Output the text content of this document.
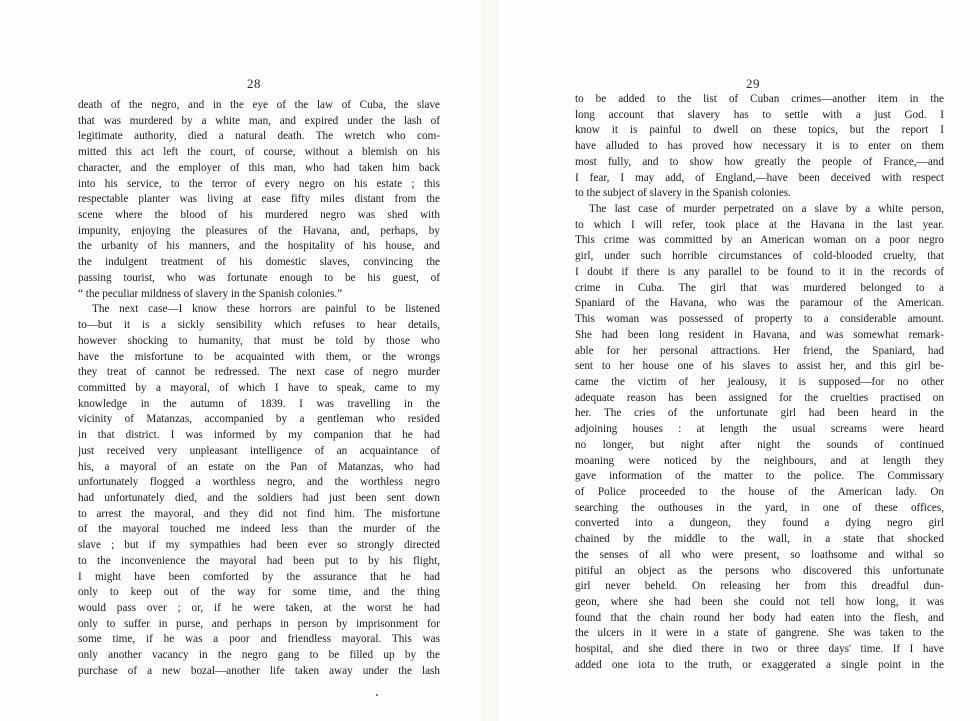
28
death of the negro, and in the eye of the law of Cuba, the slave
that was murdered by a white man, and expired under the lash of
legitimate authority, died a natural death. The wretch who com-
mitted this act left the court, of course, without a blemish on his
character, and the employer of this man, who had taken him back
into his service, to the terror of every negro on his estate ; this
respectable planter was living at ease fifty miles distant from the
scene where the blood of his murdered negro was shed with
impunity, enjoying the pleasures of the Havana, and, perhaps, by
the urbanity of his manners, and the hospitality of his house, and
the indulgent treatment of his domestic slaves, convincing the
passing tourist, who was fortunate enough to be his guest, of
“ the peculiar mildness of slavery in the Spanish colonies.”
The next case—I know these horrors are painful to be listened
to—but it is a sickly sensibility which refuses to hear details,
however shocking to humanity, that must be told by those who
have the misfortune to be acquainted with them, or the wrongs
they treat of cannot be redressed. The next case of negro murder
committed by a mayoral, of which I have to speak, came to my
knowledge in the autumn of 1839. I was travelling in the
vicinity of Matanzas, accompanied by a gentleman who resided
in that district. I was informed by my companion that he had
just received very unpleasant intelligence of an acquaintance of
his, a mayoral of an estate on the Pan of Matanzas, who had
unfortunately flogged a worthless negro, and the worthless negro
had unfortunately died, and the soldiers had just been sent down
to arrest the mayoral, and they did not find him. The misfortune
of the mayoral touched me indeed less than the murder of the
slave ; but if my sympathies had been ever so strongly directed
to the inconvenience the mayoral had been put to by his flight,
I might have been comforted by the assurance that he had
only to keep out of the way for some time, and the thing
would pass over ; or, if he were taken, at the worst he had
only to suffer in purse, and perhaps in person by imprisonment for
some time, if he was a poor and friendless mayoral. This was
only another vacancy in the negro gang to be filled up by the
purchase of a new bozal—another life taken away under the lash
29
to be added to the list of Cuban crimes—another item in the
long account that slavery has to settle with a just God. I
know it is painful to dwell on these topics, but the report I
have alluded to has proved how necessary it is to enter on them
most fully, and to show how greatly the people of France,—and
I fear, I may add, of England,—have been deceived with respect
to the subject of slavery in the Spanish colonies.
The last case of murder perpetrated on a slave by a white person,
to which I will refer, took place at the Havana in the last year.
This crime was committed by an American woman on a poor negro
girl, under such horrible circumstances of cold-blooded cruelty, that
I doubt if there is any parallel to be found to it in the records of
crime in Cuba. The girl that was murdered belonged to a
Spaniard of the Havana, who was the paramour of the American.
This woman was possessed of property to a considerable amount.
She had been long resident in Havana, and was somewhat remark-
able for her personal attractions. Her friend, the Spaniard, had
sent to her house one of his slaves to assist her, and this girl be-
came the victim of her jealousy, it is supposed—for no other
adequate reason has been assigned for the cruelties practised on
her. The cries of the unfortunate girl had been heard in the
adjoining houses : at length the usual screams were heard
no longer, but night after night the sounds of continued
moaning were noticed by the neighbours, and at length they
gave information of the matter to the police. The Commissary
of Police proceeded to the house of the American lady. On
searching the outhouses in the yard, in one of these offices,
converted into a dungeon, they found a dying negro girl
chained by the middle to the wall, in a state that shocked
the senses of all who were present, so loathsome and withal so
pitiful an object as the persons who discovered this unfortunate
girl never beheld. On releasing her from this dreadful dun-
geon, where she had been she could not tell how long, it was
found that the chain round her body had eaten into the flesh, and
the ulcers in it were in a state of gangrene. She was taken to the
hospital, and she died there in two or three days' time. If I have
added one iota to the truth, or exaggerated a single point in the
